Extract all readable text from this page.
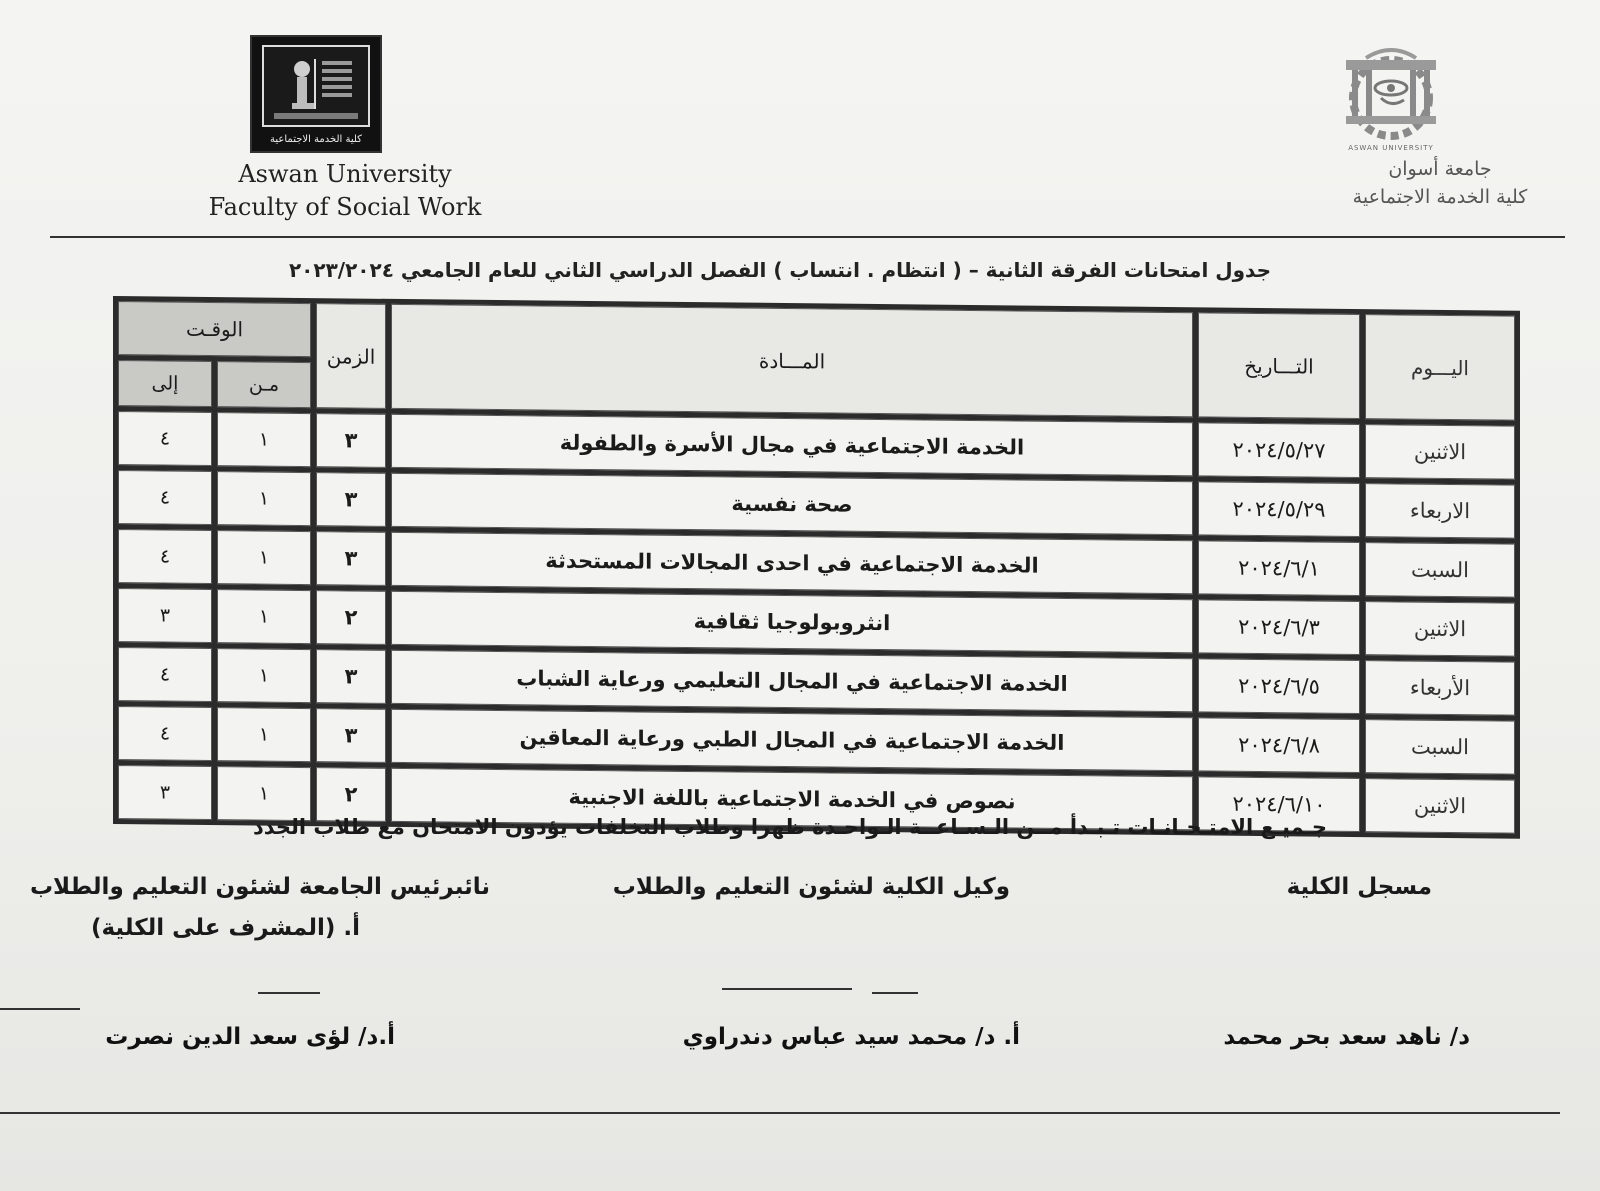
كلية الخدمة الاجتماعية
Aswan University
Faculty of Social Work
ASWAN UNIVERSITY
جامعة أسوان
كلية الخدمة الاجتماعية
جدول امتحانات الفرقة الثانية – ( انتظام . انتساب ) الفصل الدراسي الثاني للعام الجامعي ٢٠٢٣/٢٠٢٤
اليـــوم	التـــاريخ	المـــادة	الزمن	الوقـت	
				مـن	إلى
الاثنين	٢٠٢٤/٥/٢٧	الخدمة الاجتماعية في مجال الأسرة والطفولة	٣	١	٤
الاربعاء	٢٠٢٤/٥/٢٩	صحة نفسية	٣	١	٤
السبت	٢٠٢٤/٦/١	الخدمة الاجتماعية في احدى المجالات المستحدثة	٣	١	٤
الاثنين	٢٠٢٤/٦/٣	انثروبولوجيا ثقافية	٢	١	٣
الأربعاء	٢٠٢٤/٦/٥	الخدمة الاجتماعية في المجال التعليمي ورعاية الشباب	٣	١	٤
السبت	٢٠٢٤/٦/٨	الخدمة الاجتماعية في المجال الطبي ورعاية المعاقين	٣	١	٤
الاثنين	٢٠٢٤/٦/١٠	نصوص في الخدمة الاجتماعية باللغة الاجنبية	٢	١	٣
جـميـع الامتـحـانـات تـبـدأ مــن الـسـاعــة الـواحـدة ظهرا وطلاب التخلفات يؤدون الامتحان مع طلاب الجدد
مسجل الكلية
وكيل الكلية لشئون التعليم والطلاب
نائبرئيس الجامعة لشئون التعليم والطلاب
أ. (المشرف على الكلية)
د/ ناهد سعد بحر محمد
أ. د/ محمد سيد عباس دندراوي
أ.د/ لؤى سعد الدين نصرت
